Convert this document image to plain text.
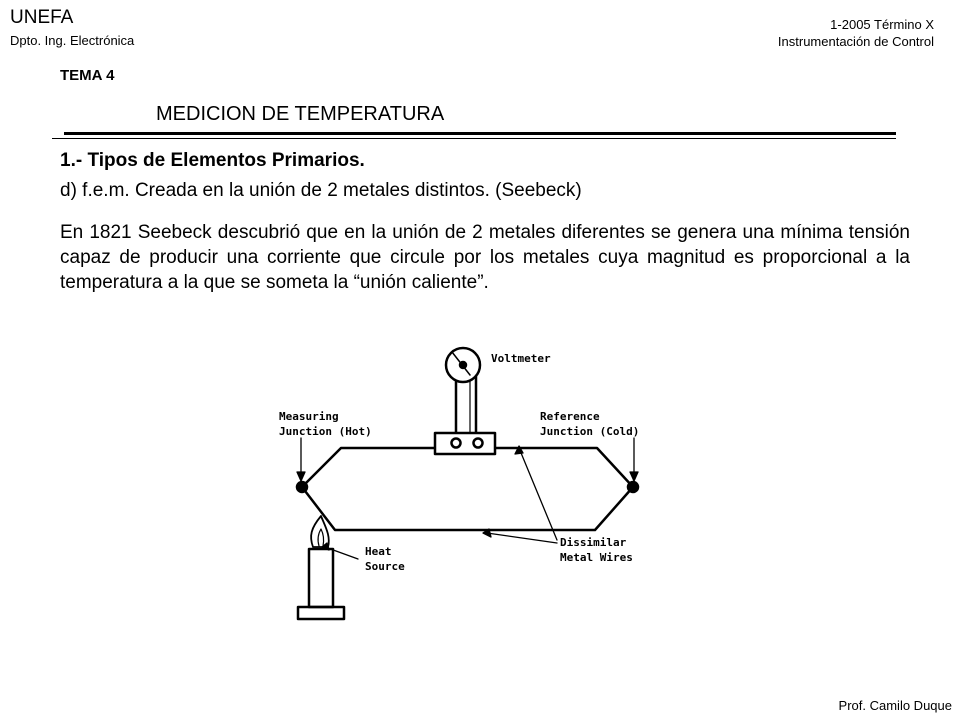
UNEFA
Dpto. Ing. Electrónica
1-2005 Término X
Instrumentación de Control
TEMA 4
MEDICION DE TEMPERATURA
1.- Tipos de Elementos Primarios.
d) f.e.m. Creada en la unión de 2 metales distintos. (Seebeck)
En 1821 Seebeck descubrió que en la unión de 2 metales diferentes se genera una mínima tensión capaz de producir una corriente que circule por los metales cuya magnitud es proporcional a la temperatura a la que se someta la “unión caliente”.
Voltmeter
Measuring
Junction (Hot)
Reference
Junction (Cold)
Heat
Source
Dissimilar
Metal Wires
Prof. Camilo Duque
